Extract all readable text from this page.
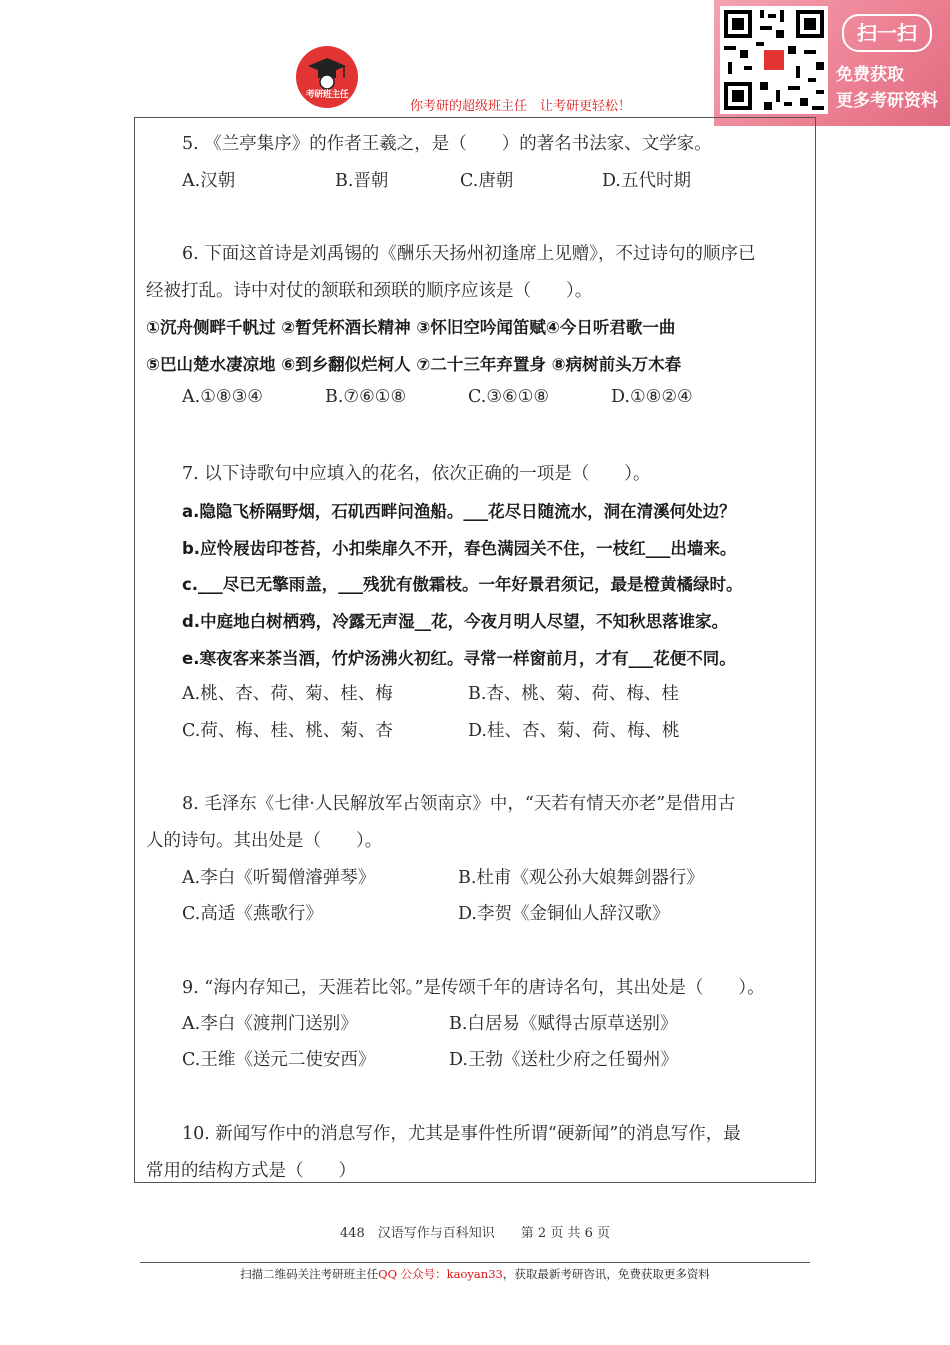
考研班主任
你考研的超级班主任　让考研更轻松！
扫一扫
免费获取
更多考研资料
5. 《兰亭集序》的作者王羲之，是（　　）的著名书法家、文学家。
A.汉朝	B.晋朝	C.唐朝	D.五代时期
6. 下面这首诗是刘禹锡的《酬乐天扬州初逢席上见赠》，不过诗句的顺序已
经被打乱。诗中对仗的颔联和颈联的顺序应该是（　　）。
①沉舟侧畔千帆过 ②暂凭杯酒长精神 ③怀旧空吟闻笛赋④今日听君歌一曲
⑤巴山楚水凄凉地 ⑥到乡翻似烂柯人 ⑦二十三年弃置身 ⑧病树前头万木春
A.①⑧③④	B.⑦⑥①⑧	C.③⑥①⑧	D.①⑧②④
7. 以下诗歌句中应填入的花名，依次正确的一项是（　　）。
a.隐隐飞桥隔野烟，石矶西畔问渔船。___花尽日随流水，洞在清溪何处边？
b.应怜屐齿印苍苔，小扣柴扉久不开，春色满园关不住，一枝红___出墙来。
c.___尽已无擎雨盖，___残犹有傲霜枝。一年好景君须记，最是橙黄橘绿时。
d.中庭地白树栖鸦，冷露无声湿__花，今夜月明人尽望，不知秋思落谁家。
e.寒夜客来茶当酒，竹炉汤沸火初红。寻常一样窗前月，才有___花便不同。
A.桃、杏、荷、菊、桂、梅	B.杏、桃、菊、荷、梅、桂
C.荷、梅、桂、桃、菊、杏	D.桂、杏、菊、荷、梅、桃
8. 毛泽东《七律·人民解放军占领南京》中，“天若有情天亦老”是借用古
人的诗句。其出处是（　　）。
A.李白《听蜀僧濬弹琴》	B.杜甫《观公孙大娘舞剑器行》
C.高适《燕歌行》	D.李贺《金铜仙人辞汉歌》
9. “海内存知己，天涯若比邻。”是传颂千年的唐诗名句，其出处是（　　）。
A.李白《渡荆门送别》	B.白居易《赋得古原草送别》
C.王维《送元二使安西》	D.王勃《送杜少府之任蜀州》
10. 新闻写作中的消息写作，尤其是事件性所谓“硬新闻”的消息写作，最
常用的结构方式是（　　）
448　汉语写作与百科知识　　第 2 页 共 6 页
扫描二维码关注考研班主任QQ 公众号：kaoyan33，获取最新考研咨讯，免费获取更多资料
